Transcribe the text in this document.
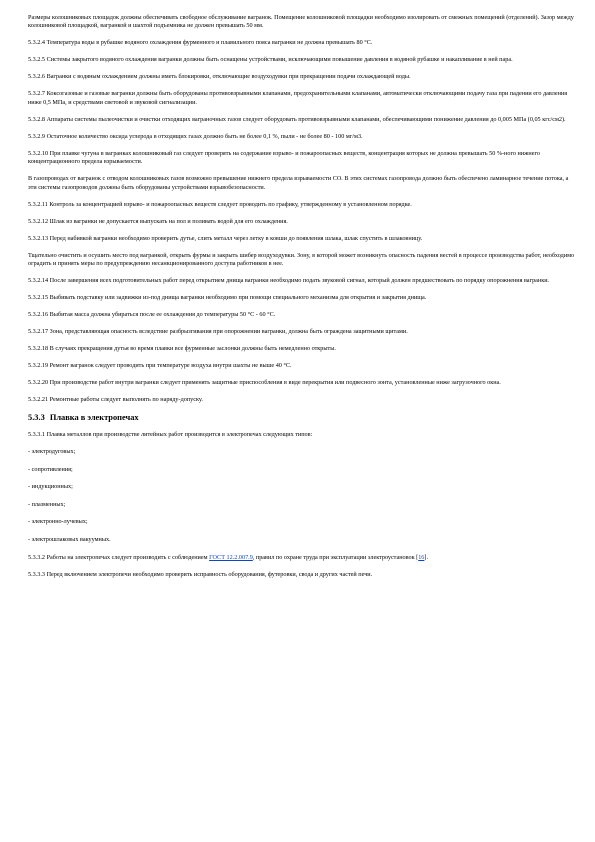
Размеры колошниковых площадок должны обеспечивать свободное обслуживание вагранок. Помещение колошниковой площадки необходимо изолировать от смежных помещений (отделений). Зазор между колошниковой площадкой, вагранкой и шахтой подъемника не должен превышать 50 мм.

5.3.2.4 Температура воды в рубашке водяного охлаждения фурменного и плавильного пояса вагранки не должна превышать 80 °С.

5.3.2.5 Системы закрытого водяного охлаждения вагранки должны быть оснащены устройствами, исключающими повышение давления в водяной рубашке и накапливание в ней пара.

5.3.2.6 Вагранки с водяным охлаждением должны иметь блокировки, отключающие воздуходувки при прекращении подачи охлаждающей воды.

5.3.2.7 Коксогазовые и газовые вагранки должны быть оборудованы противовзрывными клапанами, предохранительными клапанами, автоматически отключающими подачу газа при падении его давления ниже 0,5 МПа, и средствами световой и звуковой сигнализации.

5.3.2.8 Аппараты системы пылеочистки и очистки отходящих ваграночных газов следует оборудовать противовзрывными клапанами, обеспечивающими понижение давления до 0,005 МПа (0,05 кгс/см2).

5.3.2.9 Остаточное количество оксида углерода в отходящих газах должно быть не более 0,1 %, пыли - не более 80 - 100 мг/м3.

5.3.2.10 При плавке чугуна в вагранках колошниковый газ следует проверять на содержание взрыво- и пожароопасных веществ, концентрация которых не должна превышать 50 %-ного нижнего концентрационного предела взрываемости.

В газопроводах от вагранок с отводом колошниковых газов возможно превышение нижнего предела взрываемости СО. В этих системах газопровода должно быть обеспечено ламинарное течение потока, а эти системы газопроводов должны быть оборудованы устройствами взрывобезопасности.

5.3.2.11 Контроль за концентрацией взрыво- и пожароопасных веществ следует проводить по графику, утвержденному в установленном порядке.

5.3.2.12 Шлак из вагранки не допускается выпускать на пол и поливать водой для его охлаждения.

5.3.2.13 Перед набивкой вагранки необходимо проверить дутье, слить металл через летку в ковши до появления шлака, шлак спустить в шлаковницу.

Тщательно очистить и осушить место под вагранкой, открыть фурмы и закрыть шибер воздуходувки. Зону, в которой может возникнуть опасность падения вестей в процессе производства работ, необходимо оградить и принять меры по предупреждению несанкционированного доступа работников в нее.

5.3.2.14 После завершения всех подготовительных работ перед открытием днища вагранки необходимо подать звуковой сигнал, который должен предшествовать по порядку опорожнения вагранки.

5.3.2.15 Выбивать подставку или задвижки из-под днища вагранки необходимо при помощи специального механизма для открытия и закрытия днища.

5.3.2.16 Выбитая масса должна убираться после ее охлаждения до температуры 50 °С - 60 °С.

5.3.2.17 Зона, представляющая опасность вследствие разбрызгивания при опорожнении вагранки, должна быть ограждена защитными щитами.

5.3.2.18 В случаях прекращения дутья во время плавки все фурменные заслонки должны быть немедленно открыты.

5.3.2.19 Ремонт вагранок следует проводить при температуре воздуха внутри шахты не выше 40 °С.

5.3.2.20 При производстве работ внутри вагранки следует применять защитные приспособления в виде перекрытия или подвесного зонта, установленные ниже загрузочного окна.

5.3.2.21 Ремонтные работы следует выполнять по наряду-допуску.

5.3.3 Плавка в электропечах

5.3.3.1 Плавка металлов при производстве литейных работ производится в электропечах следующих типов:

- электродуговых;

- сопротивления;

- индукционных;

- плазменных;

- электронно-лучевых;

- электрошлаковых вакуумных.

5.3.3.2 Работы на электропечах следует производить с соблюдением ГОСТ 12.2.007.9, правил по охране труда при эксплуатации электроустановок [16].

5.3.3.3 Перед включением электропечи необходимо проверить исправность оборудования, футеровки, свода и других частей печи.
